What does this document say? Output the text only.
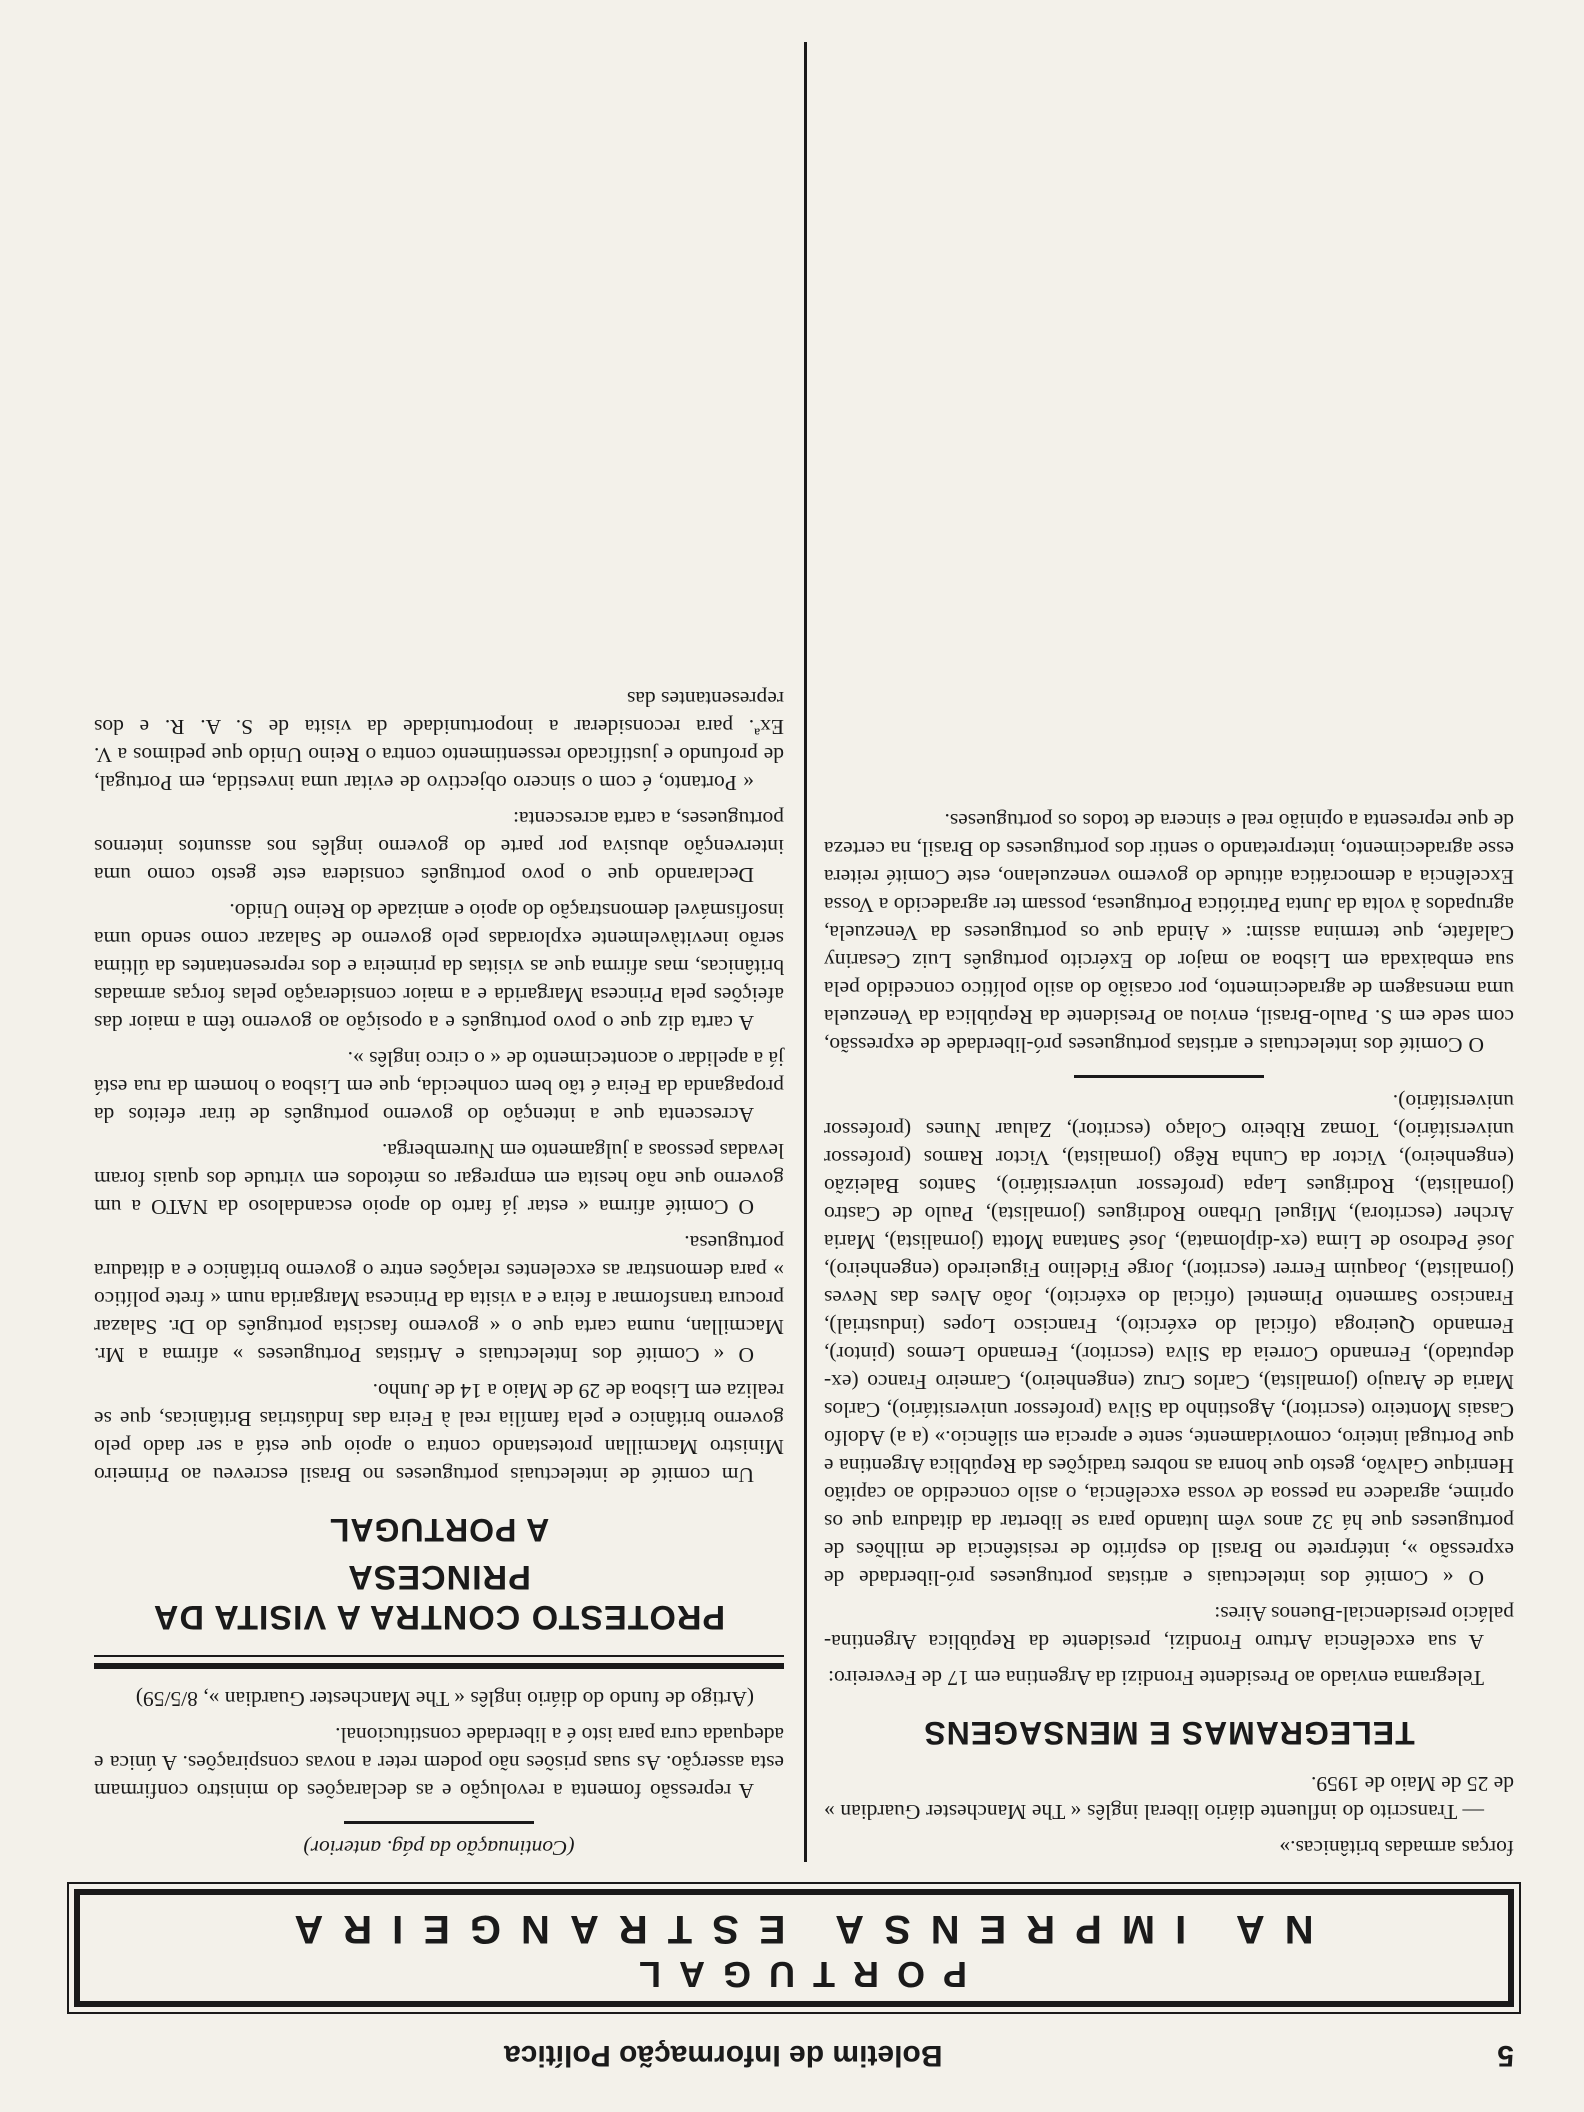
5
Boletim de Informação Política
PORTUGAL
NA IMPRENSA ESTRANGEIRA

forças armadas britânicas.»

— Transcrito do influente diário liberal inglês « The Manchester Guardian » de 25 de Maio de 1959.

TELEGRAMAS E MENSAGENS

Telegrama enviado ao Presidente Frondizi da Argentina em 17 de Fevereiro:

A sua excelência Arturo Frondizi, presidente da República Argentina-palácio presidencial-Buenos Aires:

O « Comité dos intelectuais e artistas portugueses pró-liberdade de expressão », intérprete no Brasil do espírito de resistência de milhões de portugueses que há 32 anos vêm lutando para se libertar da ditadura que os oprime, agradece na pessoa de vossa excelência, o asilo concedido ao capitão Henrique Galvão, gesto que honra as nobres tradições da República Argentina e que Portugal inteiro, comovidamente, sente e aprecia em silêncio.» (a a) Adolfo Casais Monteiro (escritor), Agostinho da Silva (professor universitário), Carlos Maria de Araujo (jornalista), Carlos Cruz (engenheiro), Carneiro Franco (ex-deputado), Fernando Correia da Silva (escritor), Fernando Lemos (pintor), Fernando Queiroga (oficial do exército), Francisco Lopes (industrial), Francisco Sarmento Pimentel (oficial do exército), João Alves das Neves (jornalista), Joaquim Ferrer (escritor), Jorge Fidelino Figueiredo (engenheiro), José Pedroso de Lima (ex-diplomata), José Santana Motta (jornalista), Maria Archer (escritora), Miguel Urbano Rodrigues (jornalista), Paulo de Castro (jornalista), Rodrigues Lapa (professor universitário), Santos Baleizão (engenheiro), Victor da Cunha Rêgo (jornalista), Victor Ramos (professor universitário), Tomaz Ribeiro Colaço (escritor), Zaluar Nunes (professor universitário).

O Comité dos intelectuais e artistas portugueses pró-liberdade de expressão, com sede em S. Paulo-Brasil, enviou ao Presidente da República da Venezuela uma mensagem de agradecimento, por ocasião do asilo político concedido pela sua embaixada em Lisboa ao major do Exército português Luiz Cesariny Calafate, que termina assim: « Ainda que os portugueses da Venezuela, agrupados à volta da Junta Patriótica Portuguesa, possam ter agradecido a Vossa Excelência a democrática atitude do governo venezuelano, este Comité reitera esse agradecimento, interpretando o sentir dos portugueses do Brasil, na certeza de que representa a opinião real e sincera de todos os portugueses.

(Continuação da pág. anterior)

A repressão fomenta a revolução e as declarações do ministro confirmam esta asserção. As suas prisões não podem reter a novas conspirações. A única e adequada cura para isto é a liberdade constitucional.

(Artigo de fundo do diário inglês « The Manchester Guardian », 8/5/59)

PROTESTO CONTRA A VISITA DA PRINCESA
A PORTUGAL

Um comité de intelectuais portugueses no Brasil escreveu ao Primeiro Ministro Macmillan protestando contra o apoio que está a ser dado pelo governo britânico e pela família real à Feira das Indústrias Britânicas, que se realiza em Lisboa de 29 de Maio a 14 de Junho.

O « Comité dos Intelectuais e Artistas Portugueses » afirma a Mr. Macmillan, numa carta que o « governo fascista português do Dr. Salazar procura transformar a feira e a visita da Princesa Margarida num « frete político » para demonstrar as excelentes relações entre o governo britânico e a ditadura portuguesa.

O Comité afirma « estar já farto do apoio escandaloso da NATO a um governo que não hesita em empregar os métodos em virtude dos quais foram levadas pessoas a julgamento em Nuremberga.

Acrescenta que a intenção do governo português de tirar efeitos da propaganda da Feira é tão bem conhecida, que em Lisboa o homem da rua está já a apelidar o acontecimento de « o circo inglês ».

A carta diz que o povo português e a oposição ao governo têm a maior das afeições pela Princesa Margarida e a maior consideração pelas forças armadas britânicas, mas afirma que as visitas da primeira e dos representantes da última serão inevitàvelmente exploradas pelo governo de Salazar como sendo uma insofismável demonstração do apoio e amizade do Reino Unido.

Declarando que o povo português considera este gesto como uma intervenção abusiva por parte do governo inglês nos assuntos internos portugueses, a carta acrescenta:

« Portanto, é com o sincero objectivo de evitar uma investida, em Portugal, de profundo e justificado ressentimento contra o Reino Unido que pedimos a V. Exª. para reconsiderar a inoportunidade da visita de S. A. R. e dos representantes das
